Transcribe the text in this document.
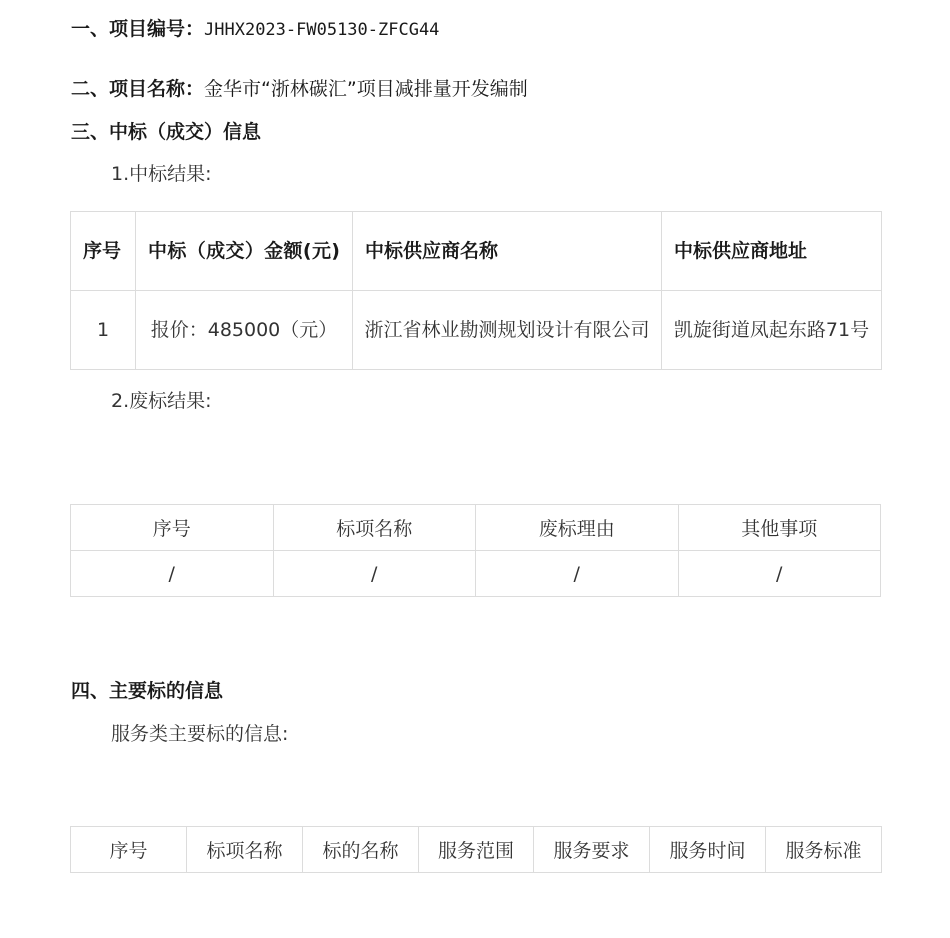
一、项目编号：JHHX2023-FW05130-ZFCG44
二、项目名称：金华市“浙林碳汇”项目减排量开发编制
三、中标（成交）信息
1.中标结果:
序号	中标（成交）金额(元)	中标供应商名称	中标供应商地址
1	报价：485000（元）	浙江省林业勘测规划设计有限公司	凯旋街道凤起东路71号
2.废标结果:
序号	标项名称	废标理由	其他事项
/	/	/	/
四、主要标的信息
服务类主要标的信息:
序号	标项名称	标的名称	服务范围	服务要求	服务时间	服务标准
